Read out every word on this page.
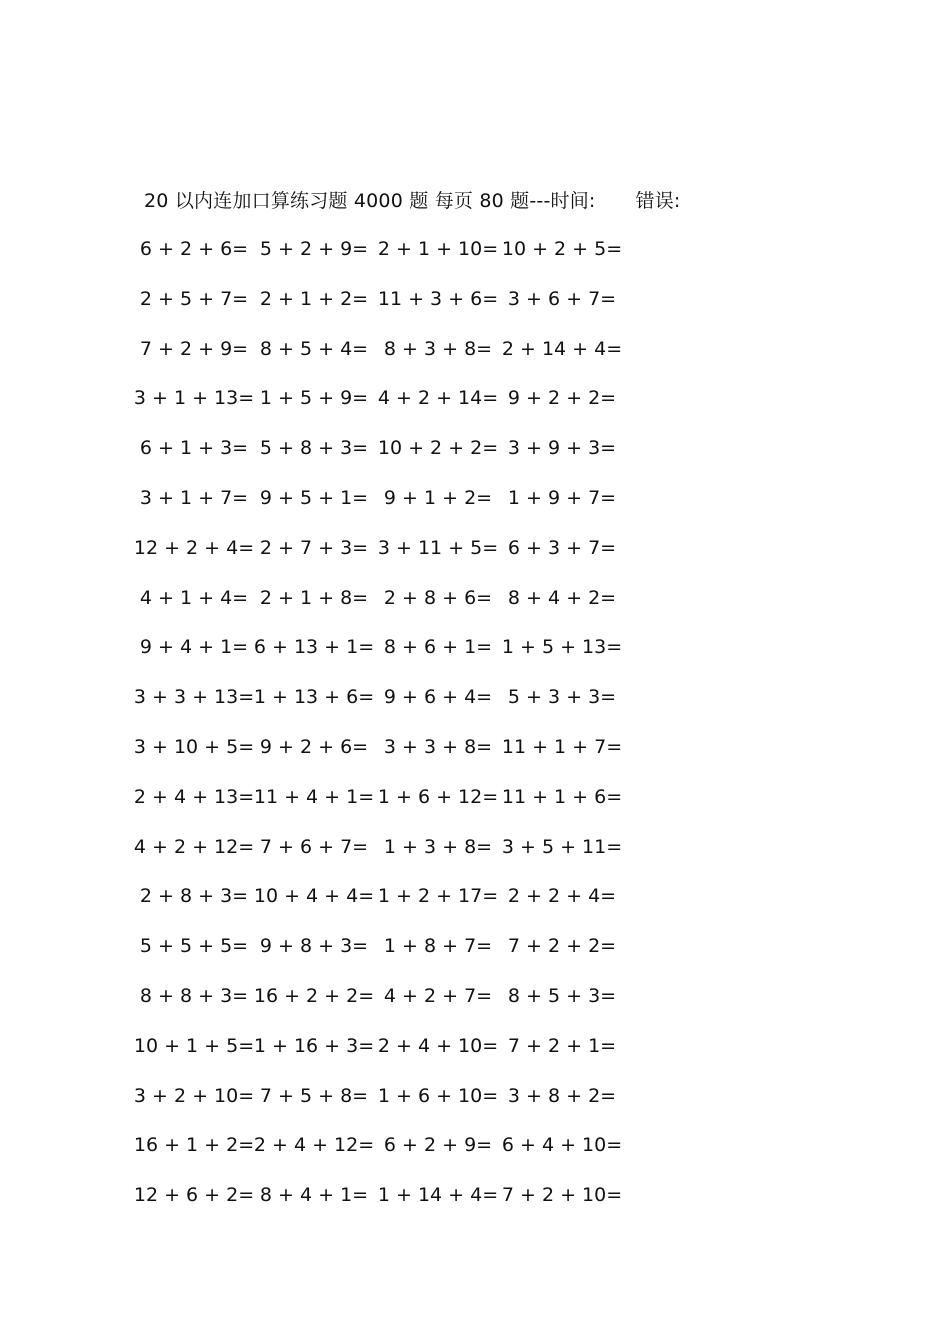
20 以内连加口算练习题 4000 题 每页 80 题---时间: 错误:
6 + 2 + 6= 5 + 2 + 9= 2 + 1 + 10= 10 + 2 + 5=
2 + 5 + 7= 2 + 1 + 2= 11 + 3 + 6= 3 + 6 + 7=
7 + 2 + 9= 8 + 5 + 4= 8 + 3 + 8= 2 + 14 + 4=
3 + 1 + 13= 1 + 5 + 9= 4 + 2 + 14= 9 + 2 + 2=
6 + 1 + 3= 5 + 8 + 3= 10 + 2 + 2= 3 + 9 + 3=
3 + 1 + 7= 9 + 5 + 1= 9 + 1 + 2= 1 + 9 + 7=
12 + 2 + 4= 2 + 7 + 3= 3 + 11 + 5= 6 + 3 + 7=
4 + 1 + 4= 2 + 1 + 8= 2 + 8 + 6= 8 + 4 + 2=
9 + 4 + 1= 6 + 13 + 1= 8 + 6 + 1= 1 + 5 + 13=
3 + 3 + 13= 1 + 13 + 6= 9 + 6 + 4= 5 + 3 + 3=
3 + 10 + 5= 9 + 2 + 6= 3 + 3 + 8= 11 + 1 + 7=
2 + 4 + 13= 11 + 4 + 1= 1 + 6 + 12= 11 + 1 + 6=
4 + 2 + 12= 7 + 6 + 7= 1 + 3 + 8= 3 + 5 + 11=
2 + 8 + 3= 10 + 4 + 4= 1 + 2 + 17= 2 + 2 + 4=
5 + 5 + 5= 9 + 8 + 3= 1 + 8 + 7= 7 + 2 + 2=
8 + 8 + 3= 16 + 2 + 2= 4 + 2 + 7= 8 + 5 + 3=
10 + 1 + 5= 1 + 16 + 3= 2 + 4 + 10= 7 + 2 + 1=
3 + 2 + 10= 7 + 5 + 8= 1 + 6 + 10= 3 + 8 + 2=
16 + 1 + 2= 2 + 4 + 12= 6 + 2 + 9= 6 + 4 + 10=
12 + 6 + 2= 8 + 4 + 1= 1 + 14 + 4= 7 + 2 + 10=
